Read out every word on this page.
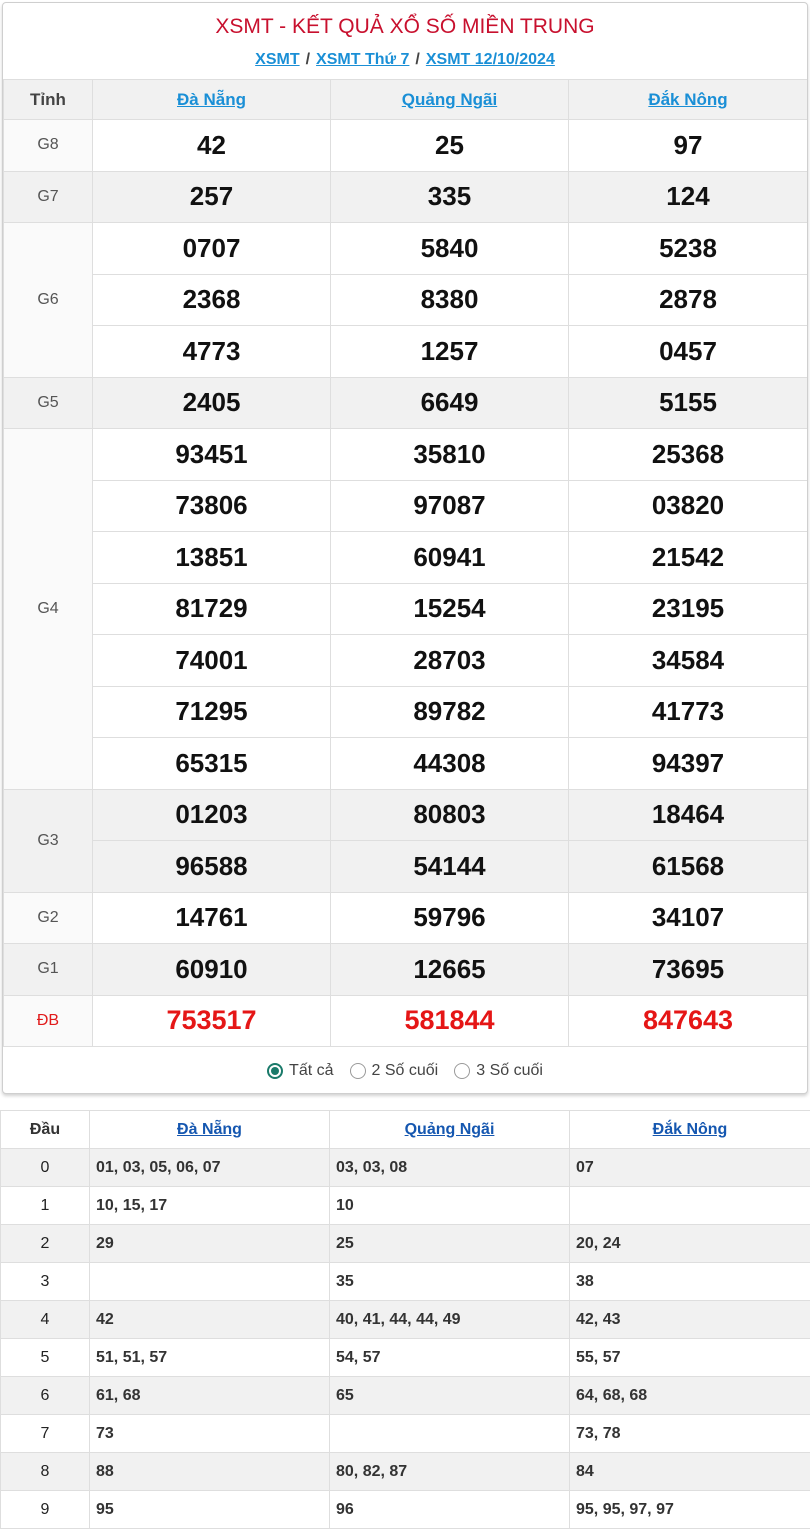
XSMT - KẾT QUẢ XỔ SỐ MIỀN TRUNG
XSMT / XSMT Thứ 7 / XSMT 12/10/2024
Tỉnh	Đà Nẵng	Quảng Ngãi	Đắk Nông
G8	42	25	97
G7	257	335	124
G6	0707	5840	5238
	2368	8380	2878
	4773	1257	0457
G5	2405	6649	5155
G4	93451	35810	25368
	73806	97087	03820
	13851	60941	21542
	81729	15254	23195
	74001	28703	34584
	71295	89782	41773
	65315	44308	94397
G3	01203	80803	18464
	96588	54144	61568
G2	14761	59796	34107
G1	60910	12665	73695
ĐB	753517	581844	847643
Tất cả 2 Số cuối 3 Số cuối
Đầu	Đà Nẵng	Quảng Ngãi	Đắk Nông
0	01, 03, 05, 06, 07	03, 03, 08	07
1	10, 15, 17	10	
2	29	25	20, 24
3		35	38
4	42	40, 41, 44, 44, 49	42, 43
5	51, 51, 57	54, 57	55, 57
6	61, 68	65	64, 68, 68
7	73		73, 78
8	88	80, 82, 87	84
9	95	96	95, 95, 97, 97
